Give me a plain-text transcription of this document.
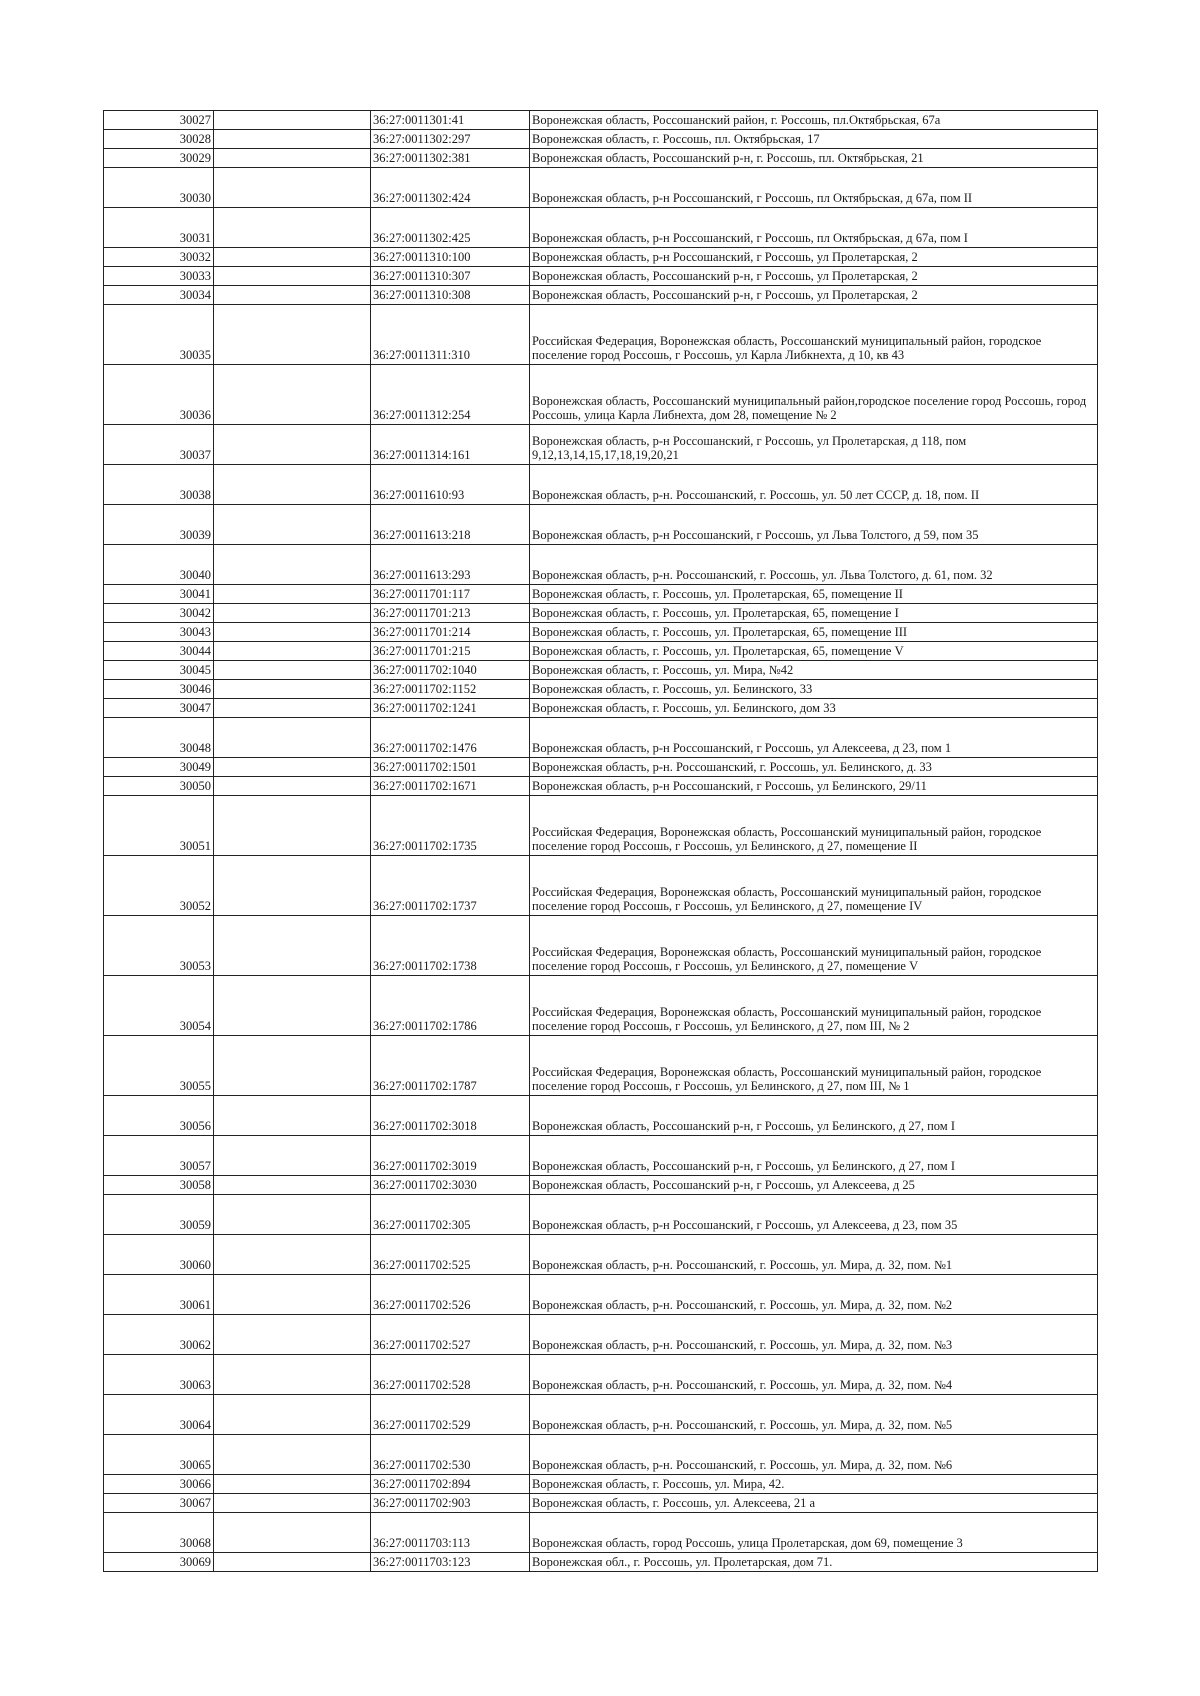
30027		36:27:0011301:41	Воронежская область, Россошанский район, г. Россошь, пл.Октябрьская, 67а
30028		36:27:0011302:297	Воронежская область, г. Россошь, пл. Октябрьская, 17
30029		36:27:0011302:381	Воронежская область, Россошанский р-н, г. Россошь, пл. Октябрьская, 21
30030		36:27:0011302:424	Воронежская область, р-н Россошанский, г Россошь, пл Октябрьская, д 67а, пом II
30031		36:27:0011302:425	Воронежская область, р-н Россошанский, г Россошь, пл Октябрьская, д 67а, пом I
30032		36:27:0011310:100	Воронежская область, р-н Россошанский, г Россошь, ул Пролетарская, 2
30033		36:27:0011310:307	Воронежская область, Россошанский р-н, г Россошь, ул Пролетарская, 2
30034		36:27:0011310:308	Воронежская область, Россошанский р-н, г Россошь, ул Пролетарская, 2
30035		36:27:0011311:310	Российская Федерация, Воронежская область, Россошанский муниципальный район, городское поселение город Россошь, г Россошь, ул Карла Либкнехта, д 10, кв 43
30036		36:27:0011312:254	Воронежская область, Россошанский муниципальный район,городское поселение город Россошь, город Россошь, улица Карла Либнехта, дом 28, помещение № 2
30037		36:27:0011314:161	Воронежская область, р-н Россошанский, г Россошь, ул Пролетарская, д 118, пом 9,12,13,14,15,17,18,19,20,21
30038		36:27:0011610:93	Воронежская область, р-н. Россошанский, г. Россошь, ул. 50 лет СССР, д. 18, пом. II
30039		36:27:0011613:218	Воронежская область, р-н Россошанский, г Россошь, ул Льва Толстого, д 59, пом 35
30040		36:27:0011613:293	Воронежская область, р-н. Россошанский, г. Россошь, ул. Льва Толстого, д. 61, пом. 32
30041		36:27:0011701:117	Воронежская область, г. Россошь, ул. Пролетарская, 65, помещение II
30042		36:27:0011701:213	Воронежская область, г. Россошь, ул. Пролетарская, 65, помещение I
30043		36:27:0011701:214	Воронежская область, г. Россошь, ул. Пролетарская, 65, помещение III
30044		36:27:0011701:215	Воронежская область, г. Россошь, ул. Пролетарская, 65, помещение V
30045		36:27:0011702:1040	Воронежская область, г. Россошь, ул. Мира, №42
30046		36:27:0011702:1152	Воронежская область, г. Россошь, ул. Белинского, 33
30047		36:27:0011702:1241	Воронежская область, г. Россошь, ул. Белинского, дом 33
30048		36:27:0011702:1476	Воронежская область, р-н Россошанский, г Россошь, ул Алексеева, д 23, пом 1
30049		36:27:0011702:1501	Воронежская область, р-н. Россошанский, г. Россошь, ул. Белинского, д. 33
30050		36:27:0011702:1671	Воронежская область, р-н Россошанский, г Россошь, ул Белинского, 29/11
30051		36:27:0011702:1735	Российская Федерация, Воронежская область, Россошанский муниципальный район, городское поселение город Россошь, г Россошь, ул Белинского, д 27, помещение II
30052		36:27:0011702:1737	Российская Федерация, Воронежская область, Россошанский муниципальный район, городское поселение город Россошь, г Россошь, ул Белинского, д 27, помещение IV
30053		36:27:0011702:1738	Российская Федерация, Воронежская область, Россошанский муниципальный район, городское поселение город Россошь, г Россошь, ул Белинского, д 27, помещение V
30054		36:27:0011702:1786	Российская Федерация, Воронежская область, Россошанский муниципальный район, городское поселение город Россошь, г Россошь, ул Белинского, д 27, пом III, № 2
30055		36:27:0011702:1787	Российская Федерация, Воронежская область, Россошанский муниципальный район, городское поселение город Россошь, г Россошь, ул Белинского, д 27, пом III, № 1
30056		36:27:0011702:3018	Воронежская область, Россошанский р-н, г Россошь, ул Белинского, д 27, пом I
30057		36:27:0011702:3019	Воронежская область, Россошанский р-н, г Россошь, ул Белинского, д 27, пом I
30058		36:27:0011702:3030	Воронежская область, Россошанский р-н, г Россошь, ул Алексеева, д 25
30059		36:27:0011702:305	Воронежская область, р-н Россошанский, г Россошь, ул Алексеева, д 23, пом 35
30060		36:27:0011702:525	Воронежская область, р-н. Россошанский, г. Россошь, ул. Мира, д. 32, пом. №1
30061		36:27:0011702:526	Воронежская область, р-н. Россошанский, г. Россошь, ул. Мира, д. 32, пом. №2
30062		36:27:0011702:527	Воронежская область, р-н. Россошанский, г. Россошь, ул. Мира, д. 32, пом. №3
30063		36:27:0011702:528	Воронежская область, р-н. Россошанский, г. Россошь, ул. Мира, д. 32, пом. №4
30064		36:27:0011702:529	Воронежская область, р-н. Россошанский, г. Россошь, ул. Мира, д. 32, пом. №5
30065		36:27:0011702:530	Воронежская область, р-н. Россошанский, г. Россошь, ул. Мира, д. 32, пом. №6
30066		36:27:0011702:894	Воронежская область, г. Россошь, ул. Мира, 42.
30067		36:27:0011702:903	Воронежская область, г. Россошь, ул. Алексеева, 21 а
30068		36:27:0011703:113	Воронежская область, город Россошь, улица Пролетарская, дом 69, помещение 3
30069		36:27:0011703:123	Воронежская обл., г. Россошь, ул. Пролетарская, дом 71.
